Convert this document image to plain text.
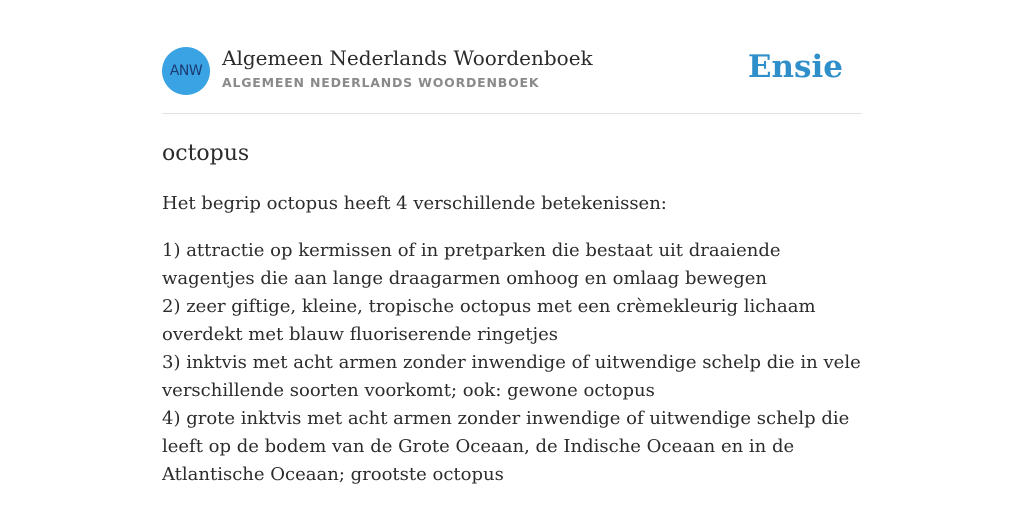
ANW
Algemeen Nederlands Woordenboek
ALGEMEEN NEDERLANDS WOORDENBOEK	Ensie
octopus
Het begrip octopus heeft 4 verschillende betekenissen:
1) attractie op kermissen of in pretparken die bestaat uit draaiende wagentjes die aan lange draagarmen omhoog en omlaag bewegen
2) zeer giftige, kleine, tropische octopus met een crèmekleurig lichaam overdekt met blauw fluoriserende ringetjes
3) inktvis met acht armen zonder inwendige of uitwendige schelp die in vele verschillende soorten voorkomt; ook: gewone octopus
4) grote inktvis met acht armen zonder inwendige of uitwendige schelp die leeft op de bodem van de Grote Oceaan, de Indische Oceaan en in de Atlantische Oceaan; grootste octopus
